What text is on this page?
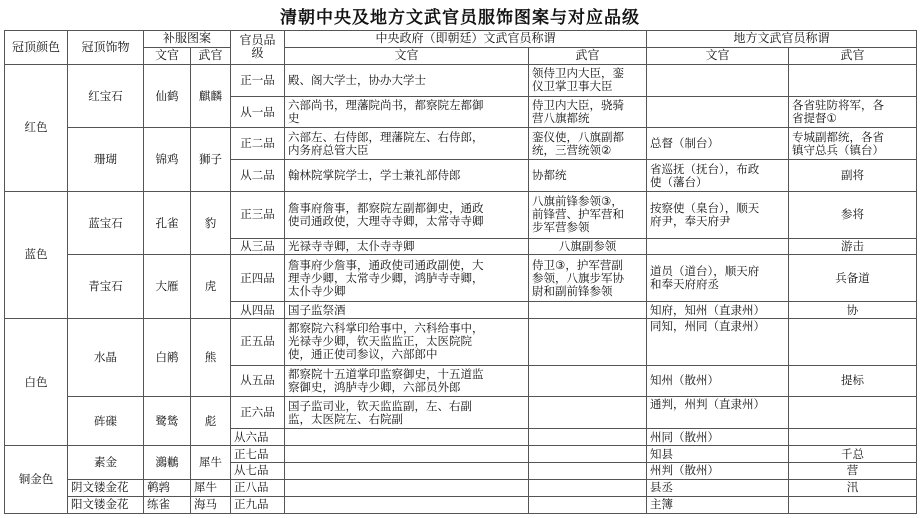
清朝中央及地方文武官员服饰图案与对应品级
冠顶颜色	冠顶饰物	补服图案		官员品级	中央政府（即朝廷）文武官员称谓		地方文武官员称谓	
		文官	武官		文官	武官	文官	武官
红色	红宝石	仙鹤	麒麟	正一品	殿、阁大学士，协办大学士	领侍卫内大臣，銮
仪卫掌卫事大臣		

				从一品	六部尚书，理藩院尚书，都察院左都御
史	侍卫内大臣，骁骑
营八旗都统		各省驻防将军，各
省提督①

	珊瑚	锦鸡	狮子	正二品	六部左、右侍郎，理藩院左、右侍郎，
内务府总管大臣	銮仪使，八旗副都
统，三营统领②	总督（制台）	专城副都统，各省
镇守总兵（镇台）

				从二品	翰林院掌院学士，学士兼礼部侍郎	协都统	省巡抚（抚台），布政
使（藩台）	副将

蓝色	蓝宝石	孔雀	豹	正三品	詹事府詹事，都察院左副都御史，通政
使司通政使，大理寺寺卿，太常寺寺卿	八旗前锋参领③，
前锋营、护军营和
步军营参领	按察使（臬台），顺天
府尹，奉天府尹	参将

				从三品	光禄寺寺卿，太仆寺寺卿	八旗副参领		游击

	青宝石	大雁	虎	正四品	詹事府少詹事，通政使司通政副使，大
理寺少卿，太常寺少卿，鸿胪寺寺卿，
太仆寺少卿	侍卫③，护军营副
参领，八旗步军协
尉和副前锋参领	道员（道台），顺天府
和奉天府府丞	兵备道

				从四品	国子监祭酒		知府，知州（直隶州）	协

白色	水晶	白鹇	熊	正五品	都察院六科掌印给事中，六科给事中，
光禄寺少卿，钦天监监正，太医院院
使，通正使司参议，六部郎中		同知，州同（直隶州）	

				从五品	都察院十五道掌印监察御史，十五道监
察御史，鸿胪寺少卿，六部员外郎		知州（散州）	提标

	砗磲	鹭鸶	彪	正六品	国子监司业，钦天监监副，左、右副
监，太医院左、右院副		通判，州判（直隶州）	

				从六品			州同（散州）	

铜金色	素金	鸂鶒	犀牛	正七品			知县	千总

				从七品			州判（散州）	营

	阴文镂金花	鹌鹑	犀牛	正八品			县丞	汛

	阳文镂金花	练雀	海马	正九品			主簿	
